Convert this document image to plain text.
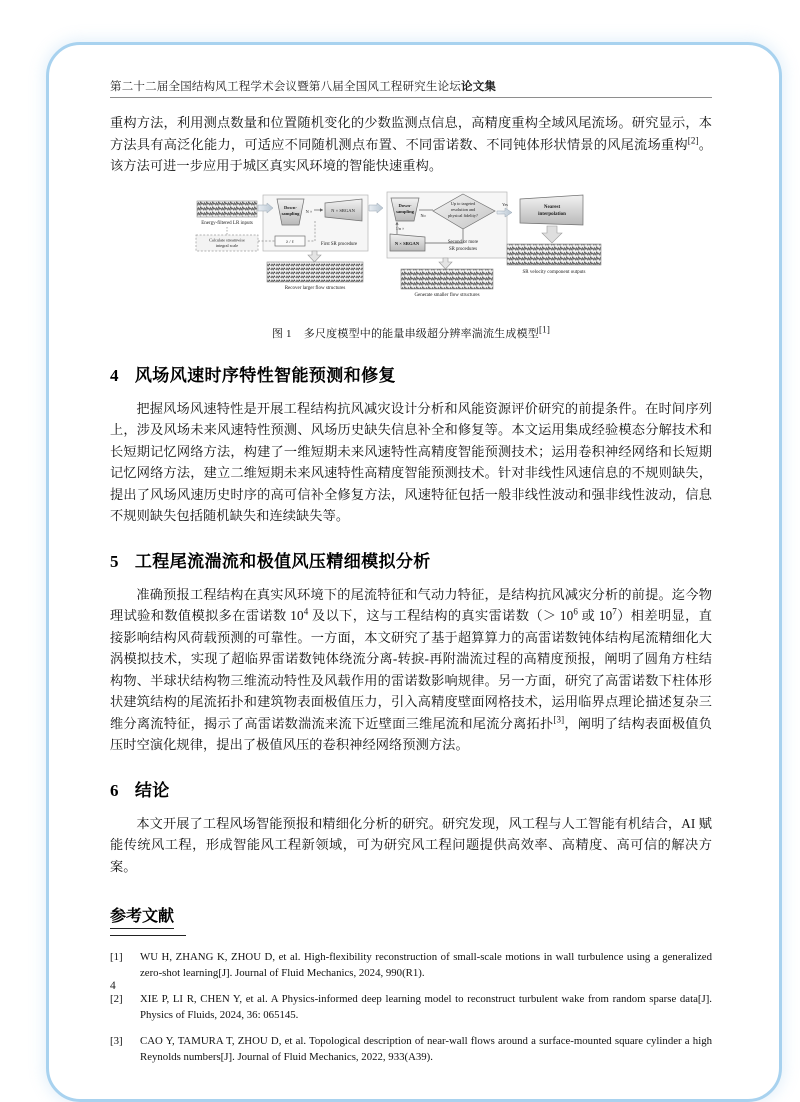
第二十二届全国结构风工程学术会议暨第八届全国风工程研究生论坛论文集

重构方法，利用测点数量和位置随机变化的少数监测点信息，高精度重构全域风尾流场。研究显示，本方法具有高泛化能力，可适应不同随机测点布置、不同雷诺数、不同钝体形状情景的风尾流场重构[2]。该方法可进一步应用于城区真实风环境的智能快速重构。

Energy-filtered LR inputs
Calculate streamwise
integral scale
Down-
sampling N ×	N × SRGAN
λ / ℓ
First SR procedure
Recover larger flow structures
Down-
sampling
No
1/n ×
N × SRGAN
Up to targeted
resolution and
physical fidelity?
Second or more
SR procedures
Generate smaller flow structures
Yes
Nearest
interpolation
SR velocity component outputs
图 1 多尺度模型中的能量串级超分辨率湍流生成模型[1]
4 风场风速时序特性智能预测和修复

把握风场风速特性是开展工程结构抗风减灾设计分析和风能资源评价研究的前提条件。在时间序列上，涉及风场未来风速特性预测、风场历史缺失信息补全和修复等。本文运用集成经验模态分解技术和长短期记忆网络方法，构建了一维短期未来风速特性高精度智能预测技术；运用卷积神经网络和长短期记忆网络方法，建立二维短期未来风速特性高精度智能预测技术。针对非线性风速信息的不规则缺失，提出了风场风速历史时序的高可信补全修复方法，风速特征包括一般非线性波动和强非线性波动，信息不规则缺失包括随机缺失和连续缺失等。

5 工程尾流湍流和极值风压精细模拟分析

准确预报工程结构在真实风环境下的尾流特征和气动力特征，是结构抗风减灾分析的前提。迄今物理试验和数值模拟多在雷诺数 $10^4$ 及以下，这与工程结构的真实雷诺数（＞ $10^6$ 或 $10^7$）相差明显，直接影响结构风荷载预测的可靠性。一方面，本文研究了基于超算算力的高雷诺数钝体结构尾流精细化大涡模拟技术，实现了超临界雷诺数钝体绕流分离-转捩-再附湍流过程的高精度预报，阐明了圆角方柱结构物、半球状结构物三维流动特性及风载作用的雷诺数影响规律。另一方面，研究了高雷诺数下柱体形状建筑结构的尾流拓扑和建筑物表面极值压力，引入高精度壁面网格技术，运用临界点理论描述复杂三维分离流特征，揭示了高雷诺数湍流来流下近壁面三维尾流和尾流分离拓扑[3]，阐明了结构表面极值负压时空演化规律，提出了极值风压的卷积神经网络预测方法。

6 结论

本文开展了工程风场智能预报和精细化分析的研究。研究发现，风工程与人工智能有机结合，AI 赋能传统风工程，形成智能风工程新领域，可为研究风工程问题提供高效率、高精度、高可信的解决方案。

参考文献
[1]	WU H, ZHANG K, ZHOU D, et al. High-flexibility reconstruction of small-scale motions in wall turbulence using a generalized zero-shot learning[J]. Journal of Fluid Mechanics, 2024, 990(R1).
[2]	XIE P, LI R, CHEN Y, et al. A Physics-informed deep learning model to reconstruct turbulent wake from random sparse data[J]. Physics of Fluids, 2024, 36: 065145.
[3]	CAO Y, TAMURA T, ZHOU D, et al. Topological description of near-wall flows around a surface-mounted square cylinder a high Reynolds numbers[J]. Journal of Fluid Mechanics, 2022, 933(A39).
4
